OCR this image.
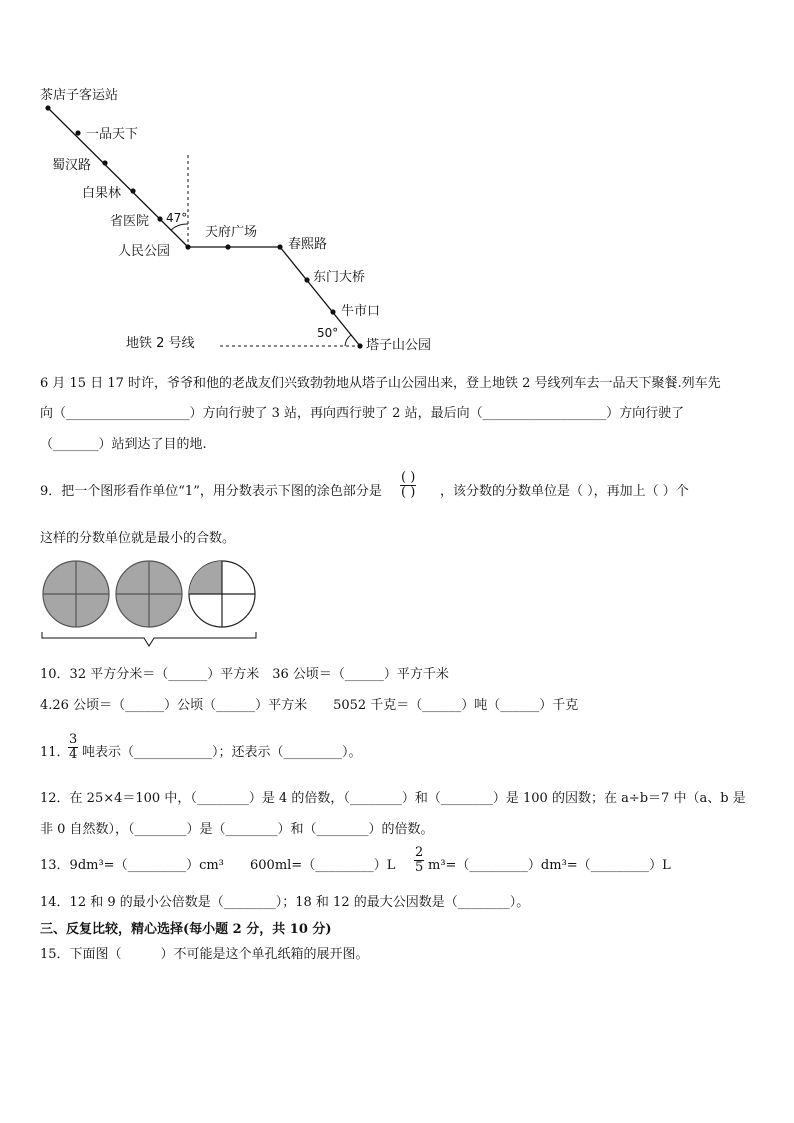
茶店子客运站
一品天下
蜀汉路
白果林
省医院
人民公园
天府广场
春熙路
东门大桥
牛市口
塔子山公园
47°
50°
地铁 2 号线
6 月 15 日 17 时许，爷爷和他的老战友们兴致勃勃地从塔子山公园出来，登上地铁 2 号线列车去一品天下聚餐.列车先
向（___________________）方向行驶了 3 站，再向西行驶了 2 站，最后向（___________________）方向行驶了
（_______）站到达了目的地.
9．把一个图形看作单位“1”，用分数表示下图的涂色部分是
( )
( ) ，该分数的分数单位是（ ），再加上（ ）个
这样的分数单位就是最小的合数。
10．32 平方分米＝（______）平方米　36 公顷＝（______）平方千米
4.26 公顷＝（______）公顷（______）平方米　　5052 千克＝（______）吨（______）千克
11．
$\frac{3}{4}$ 吨表示（____________）；还表示（_________）。
12．在 25×4＝100 中，（________）是 4 的倍数，（________）和（________）是 100 的因数；在 a÷b＝7 中（a、b 是
非 0 自然数），（________）是（________）和（________）的倍数。
13．9dm³=（_________）cm³ 600ml=（_________）L $\frac{2}{5}$ m³=（_________）dm³=（_________）L
14．12 和 9 的最小公倍数是（________）；18 和 12 的最大公因数是（________）。
三、反复比较，精心选择(每小题 2 分，共 10 分)
15．下面图（　　　）不可能是这个单孔纸箱的展开图。
